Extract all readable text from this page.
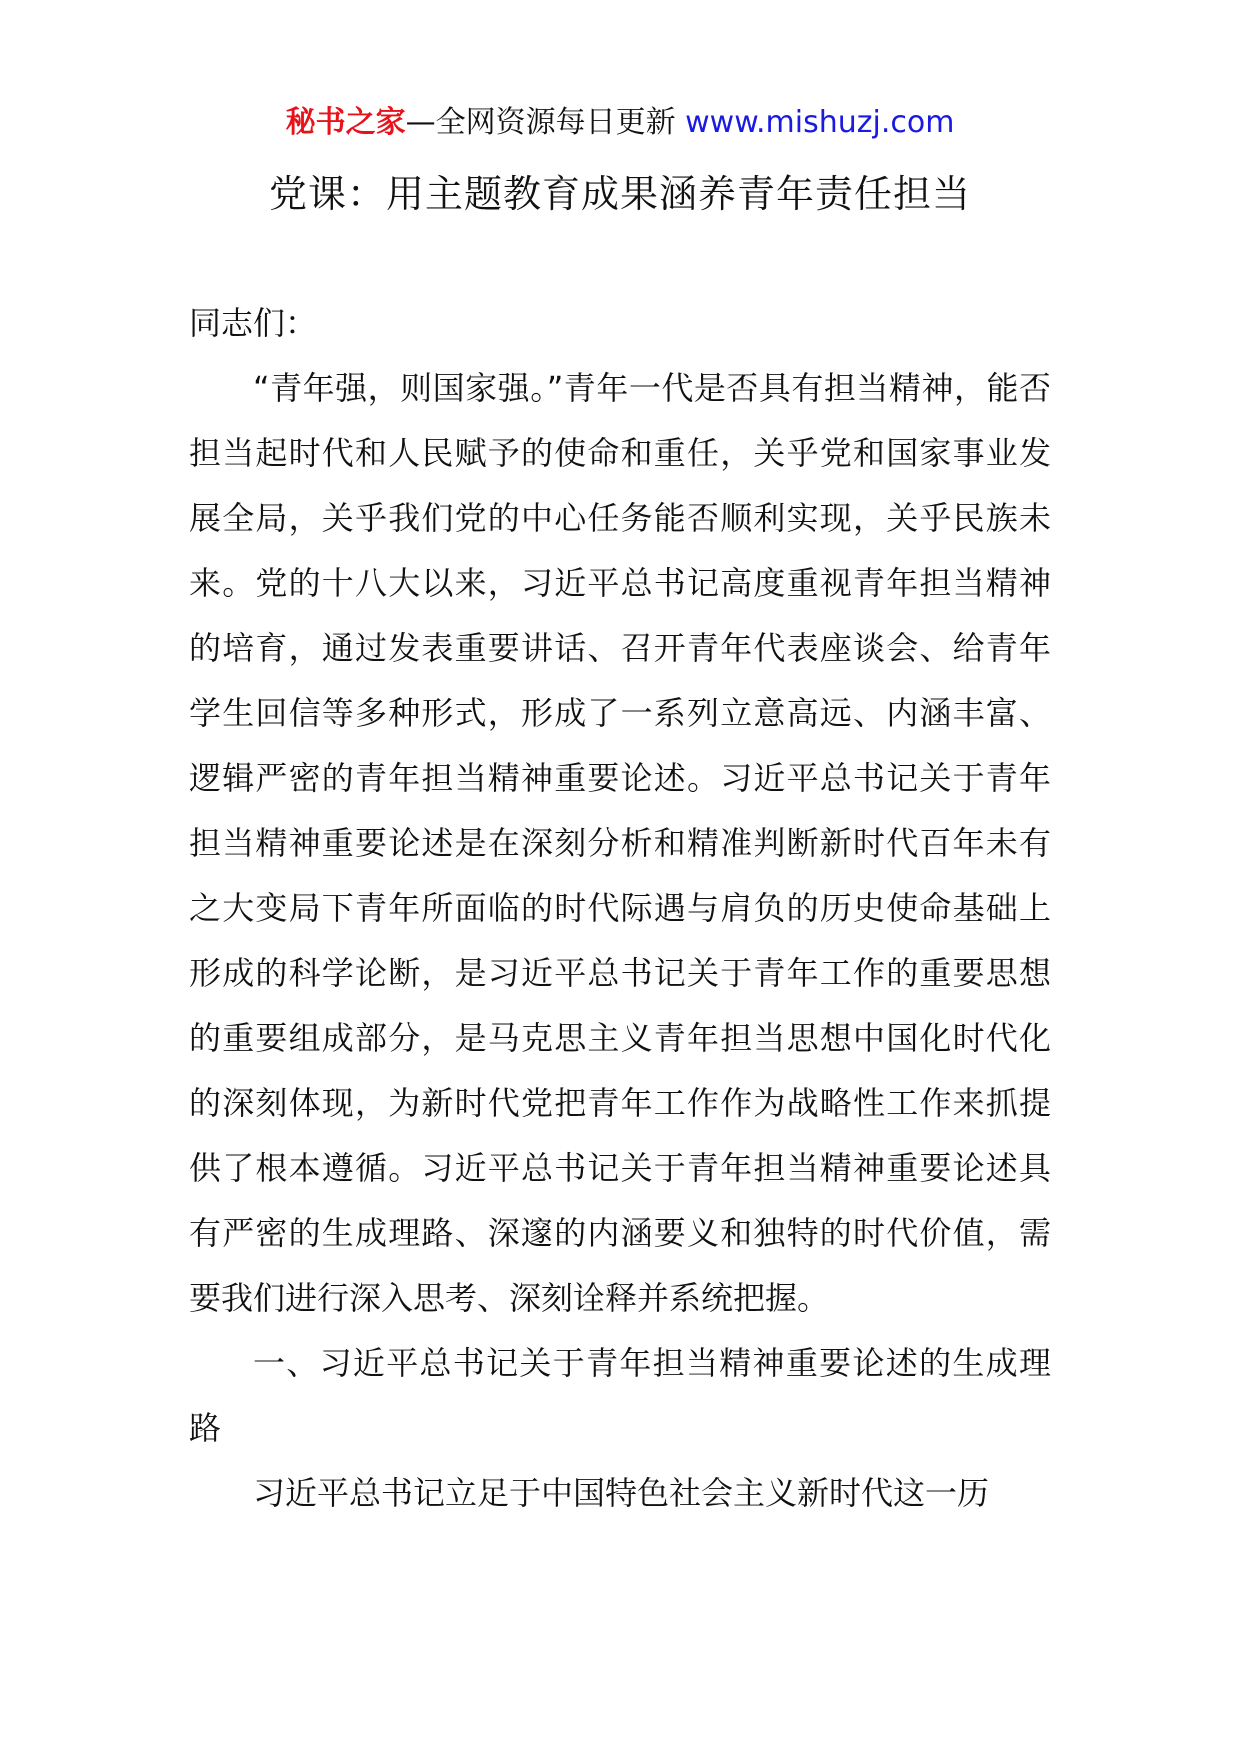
秘书之家—全网资源每日更新 www.mishuzj.com
党课：用主题教育成果涵养青年责任担当

同志们：

“青年强，则国家强。”青年一代是否具有担当精神，能否担当起时代和人民赋予的使命和重任，关乎党和国家事业发展全局，关乎我们党的中心任务能否顺利实现，关乎民族未来。党的十八大以来，习近平总书记高度重视青年担当精神的培育，通过发表重要讲话、召开青年代表座谈会、给青年学生回信等多种形式，形成了一系列立意高远、内涵丰富、逻辑严密的青年担当精神重要论述。习近平总书记关于青年担当精神重要论述是在深刻分析和精准判断新时代百年未有之大变局下青年所面临的时代际遇与肩负的历史使命基础上形成的科学论断，是习近平总书记关于青年工作的重要思想的重要组成部分，是马克思主义青年担当思想中国化时代化的深刻体现，为新时代党把青年工作作为战略性工作来抓提供了根本遵循。习近平总书记关于青年担当精神重要论述具有严密的生成理路、深邃的内涵要义和独特的时代价值，需要我们进行深入思考、深刻诠释并系统把握。

一、习近平总书记关于青年担当精神重要论述的生成理路

习近平总书记立足于中国特色社会主义新时代这一历
